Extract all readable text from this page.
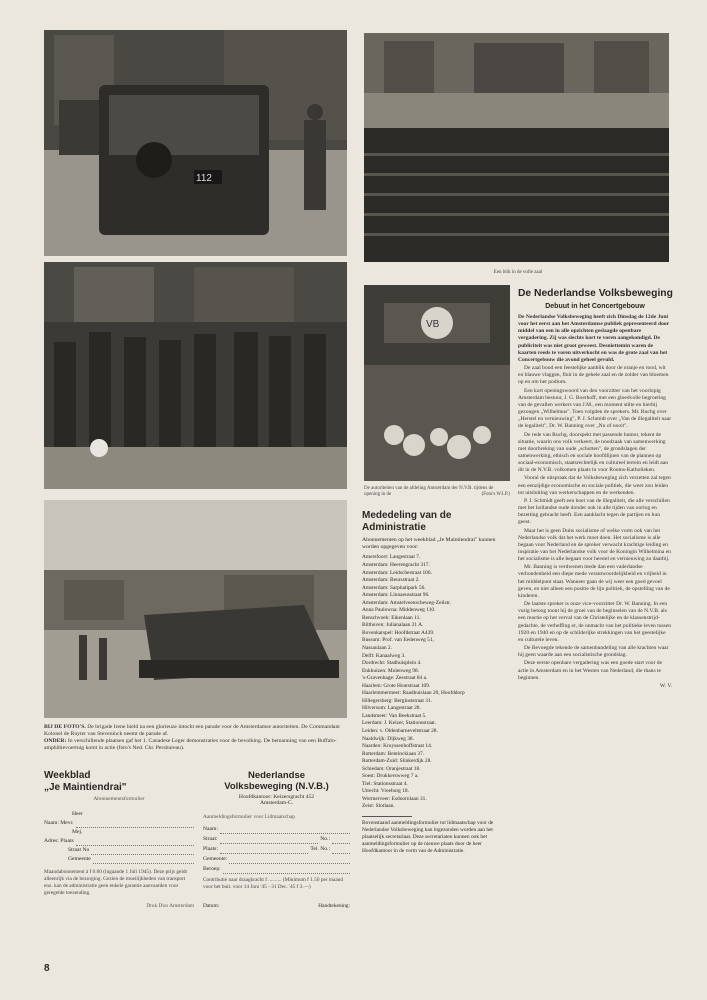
112
Een blik in de volle zaal
VB
De autoriteiten van de afdeling Amsterdam der N.V.B. tijdens de opening in de	(Foto's W.I.P.)
BIJ DE FOTO'S. De brigade Irene hield na een glorieuze intocht een parade voor de Amsterdamse autoriteiten. De Commandant Kolonel de Ruyter van Steveninck neemt de parade af.
ONDER: In verschillende plaatsen gaf het 1. Canadese Leger demonstraties voor de bevolking. De bemanning van een Buffalo-amphibievoertuig komt in actie (foto's Ned. Chr. Persbureau).
Weekblad
„Je Maintiendrai"
Abonnementsformulier
Heer
Naam: Mevr.
Mej.
Adres: Plaats
Straat No
Gemeente
Maandabonnement à f 0.60 (ingaande 1 Juli 1945). Deze prijs geldt alleenrijk via de bezorging. Gezien de moeilijkheden van transport enz. kan de administratie geen enkele garantie aanvaarden voor geregelde toezending.
Druk Dior Amsterdam
Nederlandse
Volksbeweging (N.V.B.)
Hoofdkantoor: Keizersgracht 452
Amsterdam-C.
Aanmeldingsformulier voor Lidmaatschap
Naam:
Straat:	No.:
Plaats:	Tel. No.:
Gemeente:
Beroep:
Contributie naar draagkracht f .......... (Minimum f 1.50 per maand voor het buit. voor 14 Juni '45 - 31 Dec. '45 f 3.—)
Datum:	Handtekening:
Mededeling van de
Administratie
Abonnementen op het weekblad „Je Maintiendrai" kunnen worden opgegeven voor:
Amersfoort: Langestraat 7.
Amsterdam: Heerengracht 317.
Amsterdam: Leidschestraat 106.
Amsterdam: Beursstraat 2.
Amsterdam: Sarphatipark 56.
Amsterdam: Linnaeusstraat 96.
Amsterdam: Amstelveenscheweg-Zeilstr.
Anna Paulowna: Middenweg 110.
Benschvoek: Eikenlaan 11.
Bilthoven: Julianalaan 21 A.
Bovenkarspel: Hoofdstraat A439.
Bussum: Prof. van Eedenweg 51,
Nassaulaan 2.
Delft: Kanaalweg 3.
Dordrecht: Stadhuisplein 4.
Enkhuizen: Molenweg 98.
's-Gravenhage: Zeestraat 84 a.
Haarlem: Grote Houtstraat 109.
Haarlemmermeer: Raadhuislaan 20, Hoofddorp
Hillegersberg: Bergluststraat 31.
Hilversum: Langestraat 28.
Landsmeer: Van Beekstraat 5.
Leerdam: J. Keizer, Stationsstraat.
Leiden: v. Oldenbarneveltstraat 28.
Naaldwijk: Dijkweg 38.
Naarden: Kruyssenhoffstraat 14.
Rotterdam: Bentinckiaan 37.
Rotterdam-Zuid: Slinkerdijk 28.
Schiedam: Oranjestraat 18.
Soest: Drukkerswweg 7 a.
Tiel: Stationsstraat 4.
Utrecht: Vreeburg 18.
Wormerveer: Esdoornlaan 31.
Zeist: Slotlaan.
Bovenstaand aanmeldingsformulier tot lidmaatschap voor de Nederlandse Volksbeweging kan ingezonden worden aan het plaatselijk secretariaat. Deze secretariaten kunnen ook het aanmeldingsformulier op de nieuwe plaats door de heer Hoofdkantoor in de vorm van de Administratie.
De Nederlandse Volksbeweging
Debuut in het Concertgebouw

De Nederlandse Volksbeweging heeft zich Dinsdag de 12de Juni voor het eerst aan het Amsterdamse publiek gepresenteerd door middel van een in alle opzichten geslaagde openbare vergadering. Zij was slechts kort te voren aangekondigd. De publiciteit was niet groot geweest. Desniettemin waren de kaarten reeds te voren uitverkocht en was de grote zaal van het Concertgebouw die avond geheel gevuld.

De zaal bood een feestelijke aanblik door de oranje en rood, wit en blauwe vlaggen, fluit in de gehele zaal en de zolder van bloemen op en om het podium.

Een kort openingswoord van den voorzitter van het voorlopig Amsterdam bestuur, J. G. Boerhoff, met een gloedvolle begroeting van de gevallen werkers van J.M., een moment stilte en hierbij gezongen „Wilhelmus". Toen volgden de sprekers. Mr. Ruchg over „Herstel en vernieuwing", P. J. Schmidt over „Van de illegaliteit naar de legaliteit", Dr. W. Banning over „Nu of nooit".

De rede van Ruchg, doorspekt met passende humor, tekent de situatie, waarin ons volk verkeert, de noodzaak van samenwerking met doorbreking van oude „schotten", de grondslagen der samenwerking, ethisch en sociale hoofdlijnen van de plannen op sociaal-economisch, staatsrechtelijk en cultureel terrein en leidt aan dit in de N.V.B. volkomen plaats in voor Rooms-Katholieken.

Vooral de uitspraak dat de Volksbeweging zich verzetten zal tegen een eenzijdige economische en sociale politiek, die weer zou leiden tot uitsluiting van werkerschappen en de werkenden.

P. J. Schmidt geeft een boei van de illegaliteit, die alle verschillen met het hollandse oude donder ook in alle tijden van oorlog en bezetting gebracht heeft. Een aanklacht tegen de partijen en hun geest.

Maar het is geen Duits socialisme of welke vorm ook van het Nederlandse volk dat het werk moet doen. Het socialisme is alle begaan voor Nederland en de spreker verwacht krachtige leiding en inspiratie van het Nederlandse volk voor de Koningin Wilhelmina en het socialisme is alle begaan voor herstel en vernieuwing zo daarbij.

Mr. Banning is verdwenen mede dan een vaderlandse verbondenheid een diepe mede verantwoordelijkheid en vrijheid in het middelpunt staat. Wanneer gaan de wij weer een goed gevoel geven, en niet alleen een positie de lijn politiek, de opstelling van de kinderen.

De laatste spreker is onze vice-voorzitter Dr. W. Banning. In een vurig betoog toont hij de groei van de beginselen van de N.V.B. als een reactie op het verval van de Christelijke en de klassenstrijd-gedachte, de verheffing er, de onmacht van het politieke leven tussen 1920 en 1940 en op de schilderijke strekkingen van het geestelijke en culturele leven.

De Bevoegde tekende de samenbundeling van alle krachten waar hij geen waarde aan een socialistische grondslag.

Deze eerste openbare vergadering was een goede start voor de actie in Amsterdam en in het Westen van Nederland, die thans te beginnen.

W. V.

8
